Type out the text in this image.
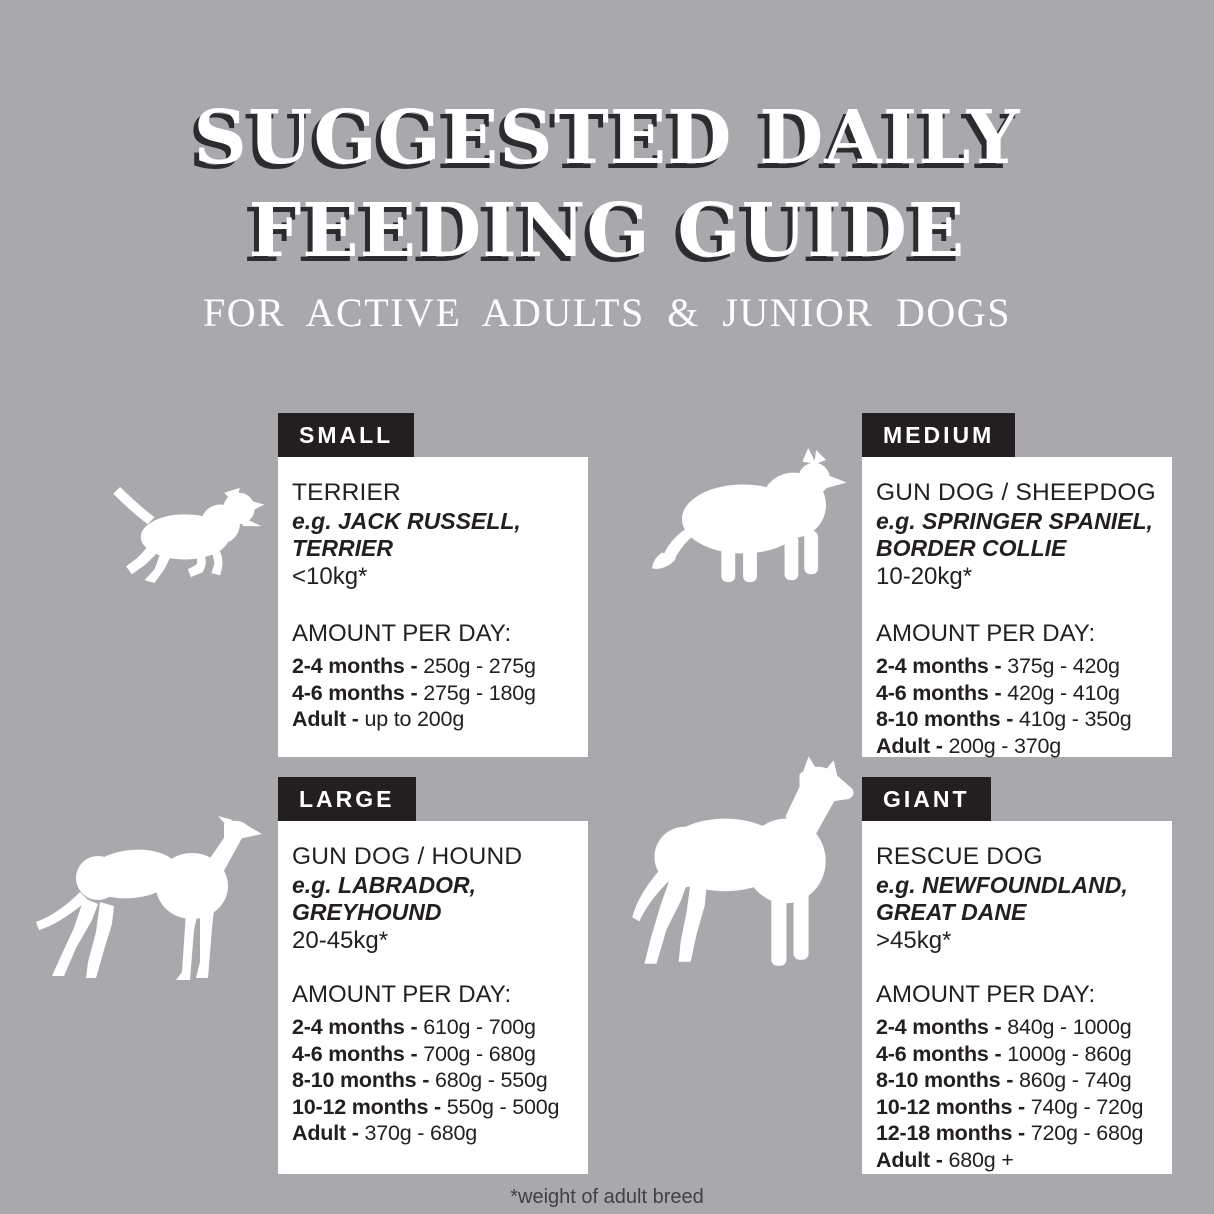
SUGGESTED DAILY
FEEDING GUIDE
FOR ACTIVE ADULTS & JUNIOR DOGS
SMALL
TERRIER
e.g. JACK RUSSELL, TERRIER
<10kg*
AMOUNT PER DAY:
2-4 months - 250g - 275g
4-6 months - 275g - 180g
Adult - up to 200g
MEDIUM
GUN DOG / SHEEPDOG
e.g. SPRINGER SPANIEL, BORDER COLLIE
10-20kg*
AMOUNT PER DAY:
2-4 months - 375g - 420g
4-6 months - 420g - 410g
8-10 months - 410g - 350g
Adult - 200g - 370g
LARGE
GUN DOG / HOUND
e.g. LABRADOR, GREYHOUND
20-45kg*
AMOUNT PER DAY:
2-4 months - 610g - 700g
4-6 months - 700g - 680g
8-10 months - 680g - 550g
10-12 months - 550g - 500g
Adult - 370g - 680g
GIANT
RESCUE DOG
e.g. NEWFOUNDLAND, GREAT DANE
>45kg*
AMOUNT PER DAY:
2-4 months - 840g - 1000g
4-6 months - 1000g - 860g
8-10 months - 860g - 740g
10-12 months - 740g - 720g
12-18 months - 720g - 680g
Adult - 680g +
*weight of adult breed
